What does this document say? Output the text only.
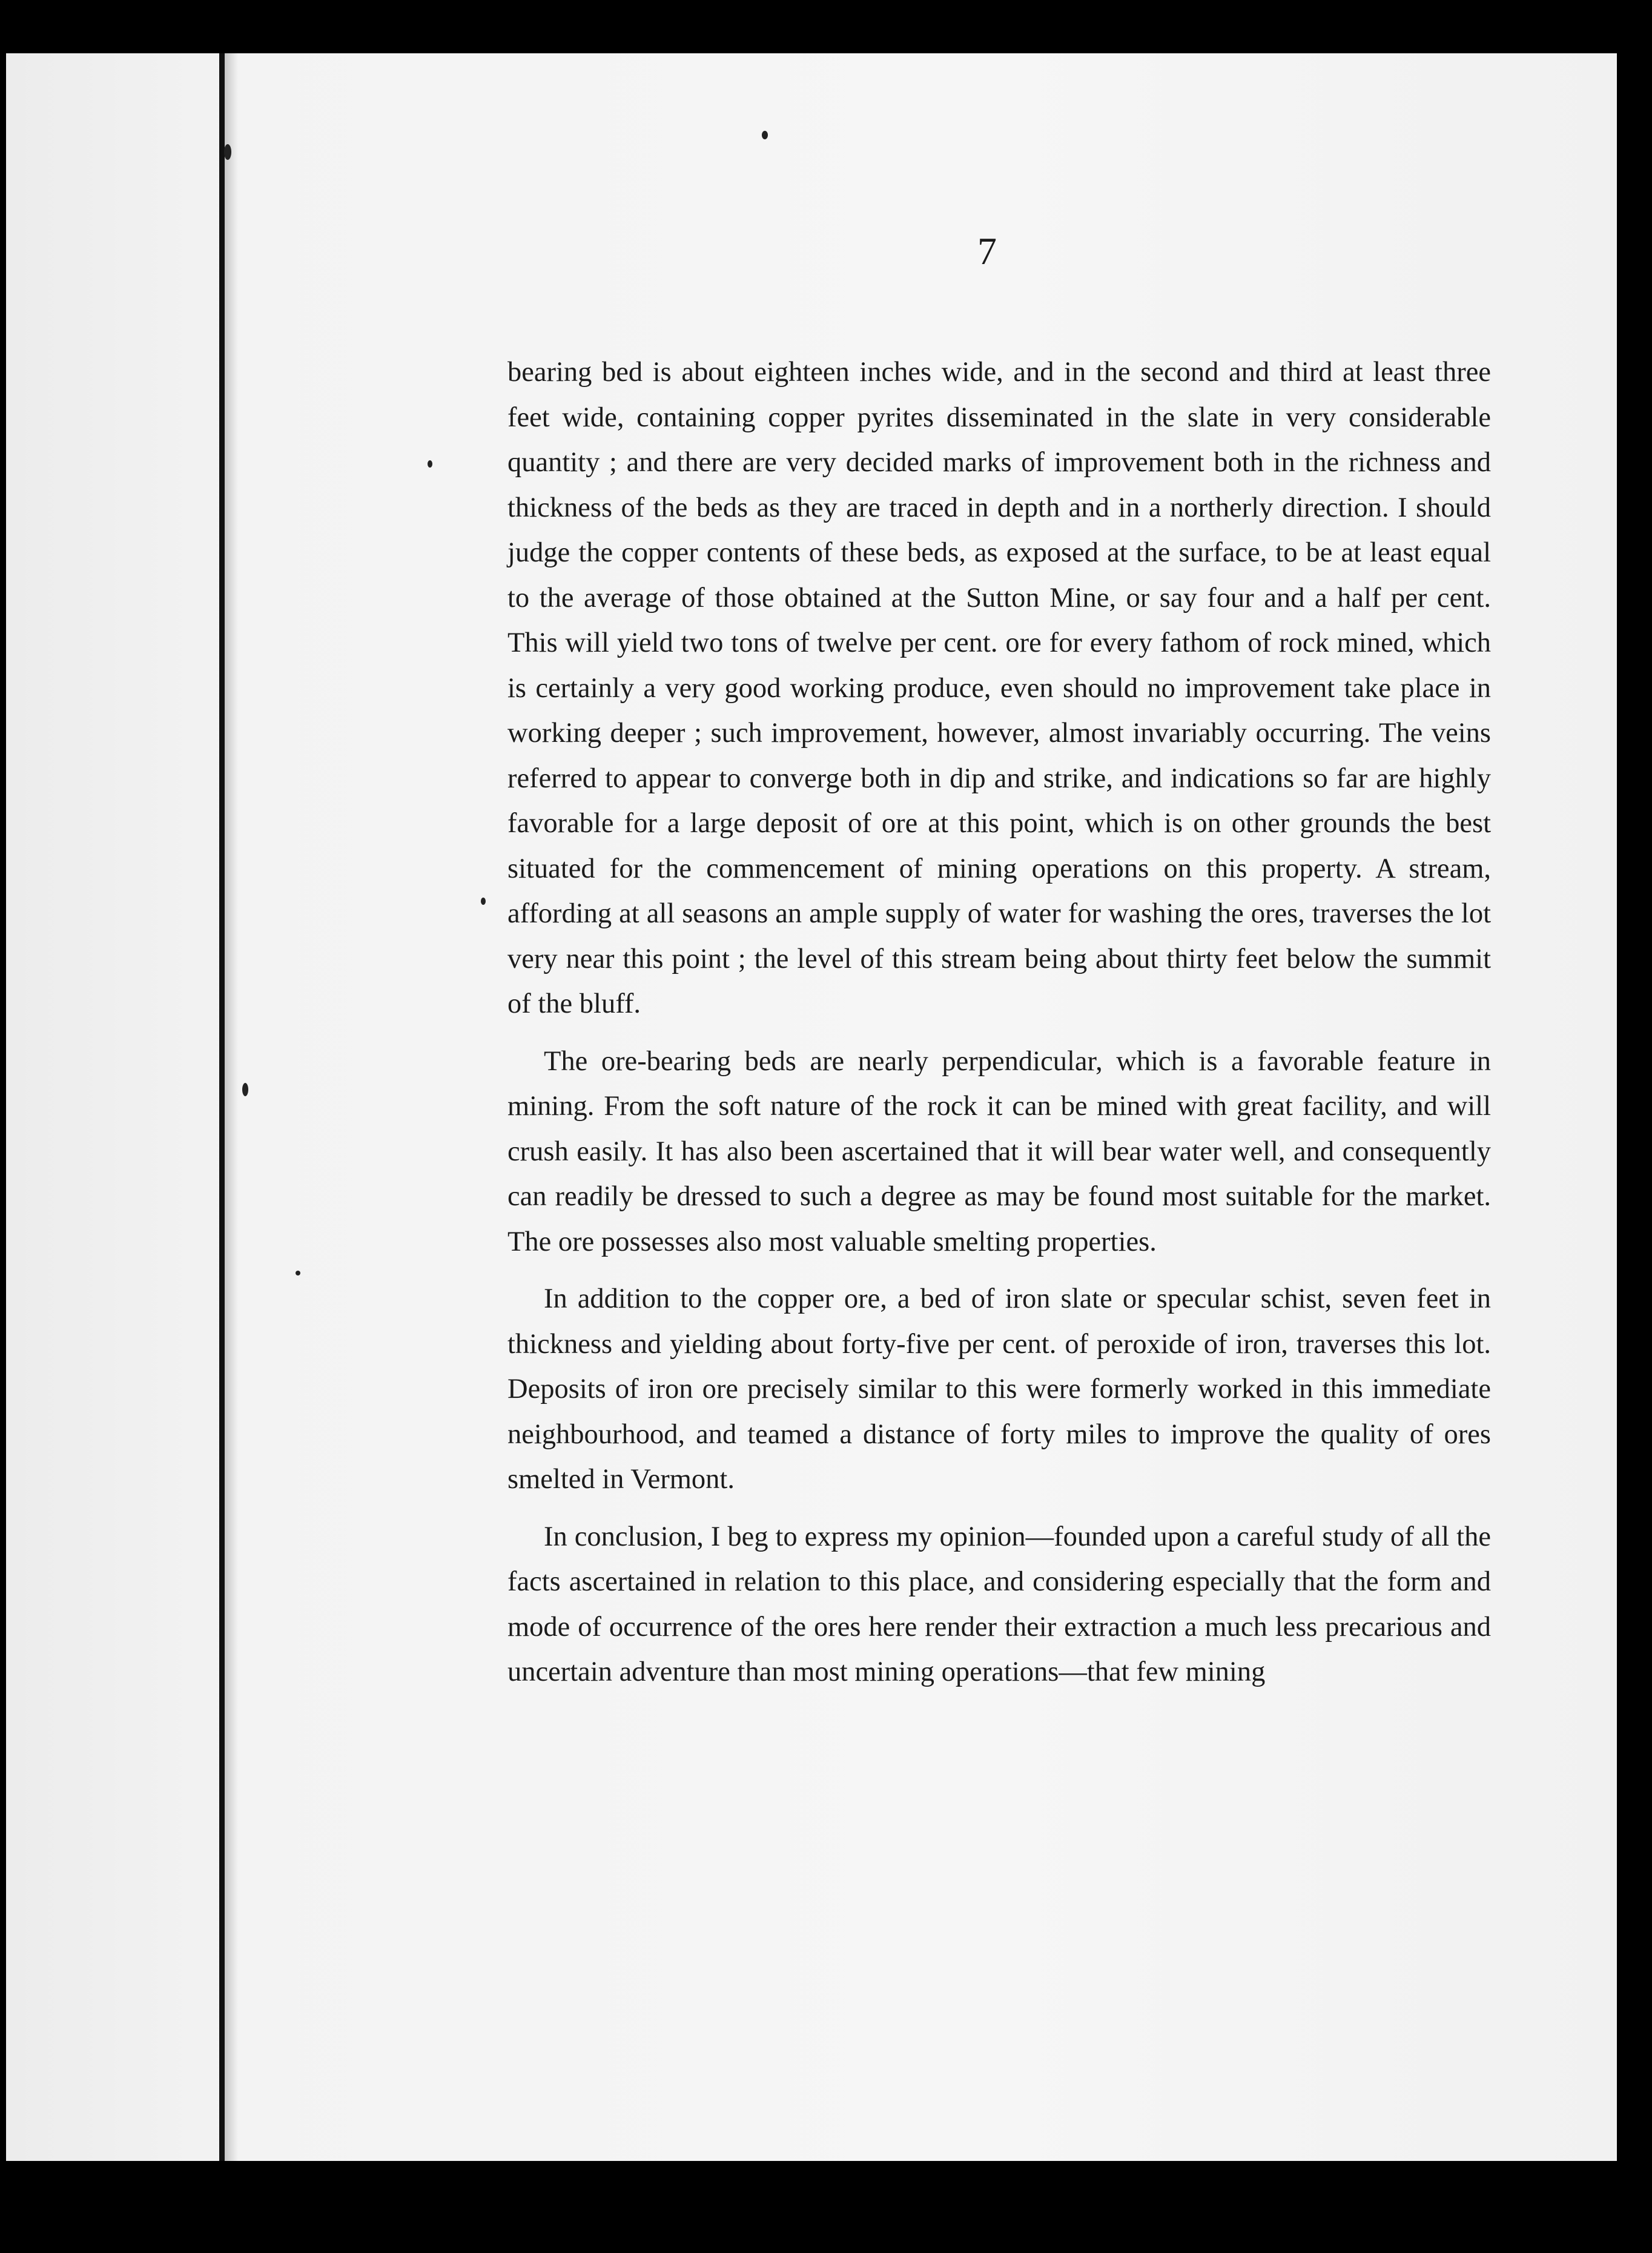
7

bearing bed is about eighteen inches wide, and in the second and third at least three feet wide, containing copper pyrites disseminated in the slate in very considerable quantity ; and there are very decided marks of improvement both in the richness and thickness of the beds as they are traced in depth and in a northerly direction. I should judge the copper contents of these beds, as exposed at the surface, to be at least equal to the average of those obtained at the Sutton Mine, or say four and a half per cent. This will yield two tons of twelve per cent. ore for every fathom of rock mined, which is certainly a very good working produce, even should no improvement take place in working deeper ; such improvement, however, almost invariably occurring. The veins referred to appear to converge both in dip and strike, and indications so far are highly favorable for a large deposit of ore at this point, which is on other grounds the best situated for the commencement of mining operations on this property. A stream, affording at all seasons an ample supply of water for washing the ores, traverses the lot very near this point ; the level of this stream being about thirty feet below the summit of the bluff.

The ore-bearing beds are nearly perpendicular, which is a favorable feature in mining. From the soft nature of the rock it can be mined with great facility, and will crush easily. It has also been ascertained that it will bear water well, and consequently can readily be dressed to such a degree as may be found most suitable for the market. The ore possesses also most valuable smelting properties.

In addition to the copper ore, a bed of iron slate or specular schist, seven feet in thickness and yielding about forty-five per cent. of peroxide of iron, traverses this lot. Deposits of iron ore precisely similar to this were formerly worked in this immediate neighbourhood, and teamed a distance of forty miles to improve the quality of ores smelted in Vermont.

In conclusion, I beg to express my opinion—founded upon a careful study of all the facts ascertained in relation to this place, and considering especially that the form and mode of occurrence of the ores here render their extraction a much less precarious and uncertain adventure than most mining operations—that few mining
